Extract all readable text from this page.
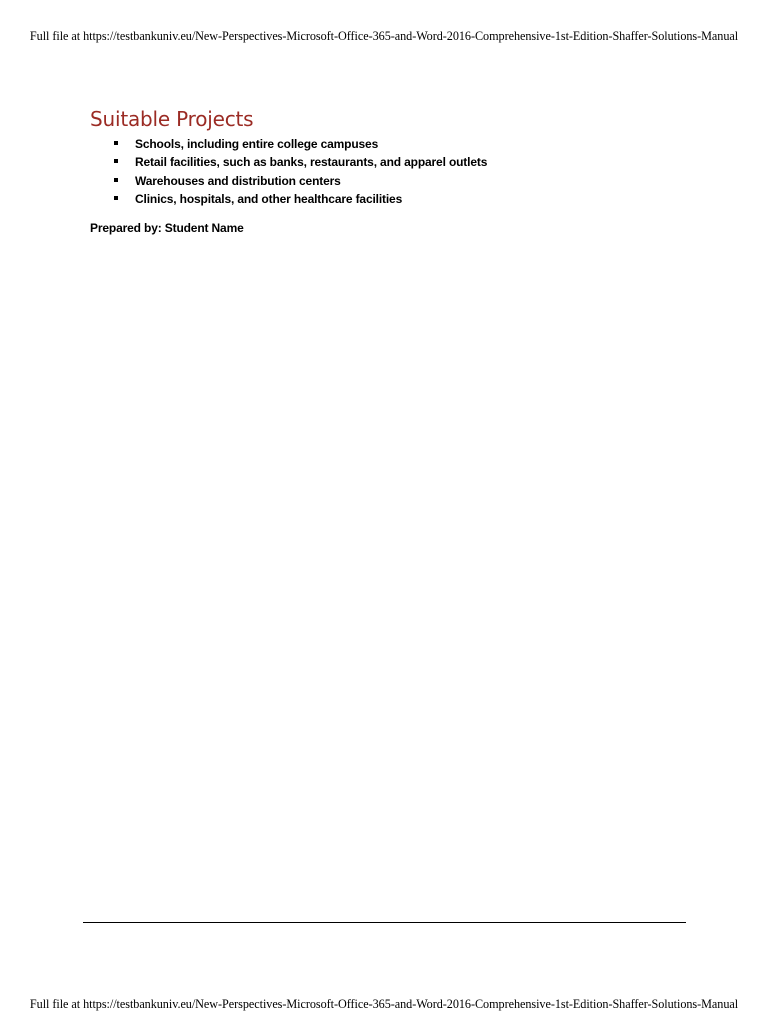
Full file at https://testbankuniv.eu/New-Perspectives-Microsoft-Office-365-and-Word-2016-Comprehensive-1st-Edition-Shaffer-Solutions-Manual
Suitable Projects
Schools, including entire college campuses
Retail facilities, such as banks, restaurants, and apparel outlets
Warehouses and distribution centers
Clinics, hospitals, and other healthcare facilities
Prepared by: Student Name
Full file at https://testbankuniv.eu/New-Perspectives-Microsoft-Office-365-and-Word-2016-Comprehensive-1st-Edition-Shaffer-Solutions-Manual
